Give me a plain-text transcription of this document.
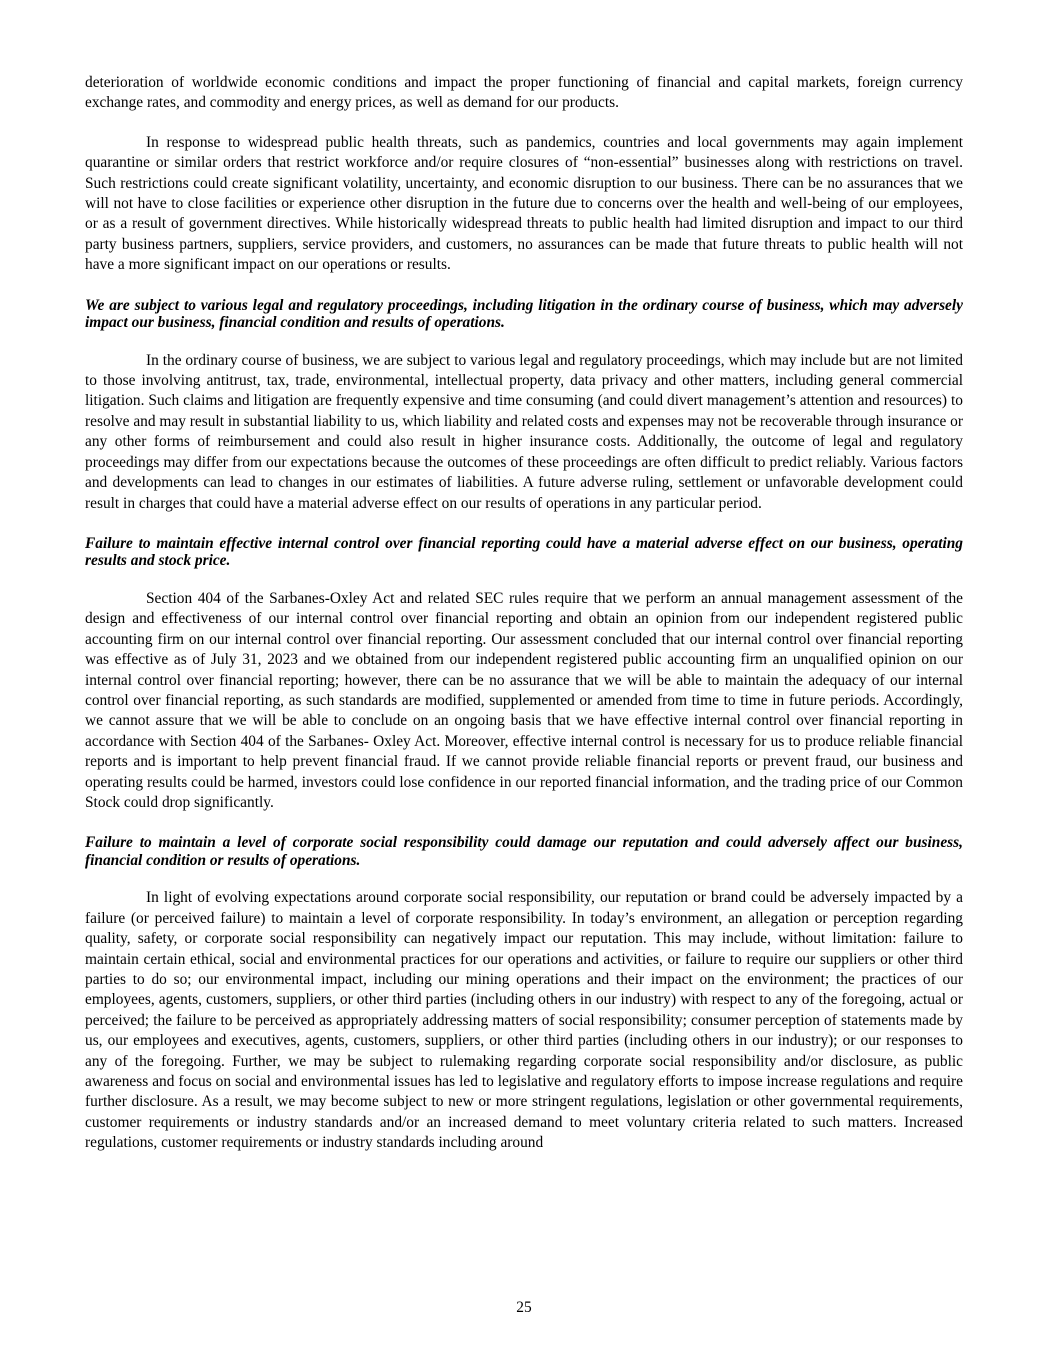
deterioration of worldwide economic conditions and impact the proper functioning of financial and capital markets, foreign currency exchange rates, and commodity and energy prices, as well as demand for our products.

In response to widespread public health threats, such as pandemics, countries and local governments may again implement quarantine or similar orders that restrict workforce and/or require closures of “non-essential” businesses along with restrictions on travel. Such restrictions could create significant volatility, uncertainty, and economic disruption to our business. There can be no assurances that we will not have to close facilities or experience other disruption in the future due to concerns over the health and well-being of our employees, or as a result of government directives. While historically widespread threats to public health had limited disruption and impact to our third party business partners, suppliers, service providers, and customers, no assurances can be made that future threats to public health will not have a more significant impact on our operations or results.

We are subject to various legal and regulatory proceedings, including litigation in the ordinary course of business, which may adversely impact our business, financial condition and results of operations.

In the ordinary course of business, we are subject to various legal and regulatory proceedings, which may include but are not limited to those involving antitrust, tax, trade, environmental, intellectual property, data privacy and other matters, including general commercial litigation. Such claims and litigation are frequently expensive and time consuming (and could divert management’s attention and resources) to resolve and may result in substantial liability to us, which liability and related costs and expenses may not be recoverable through insurance or any other forms of reimbursement and could also result in higher insurance costs. Additionally, the outcome of legal and regulatory proceedings may differ from our expectations because the outcomes of these proceedings are often difficult to predict reliably. Various factors and developments can lead to changes in our estimates of liabilities. A future adverse ruling, settlement or unfavorable development could result in charges that could have a material adverse effect on our results of operations in any particular period.

Failure to maintain effective internal control over financial reporting could have a material adverse effect on our business, operating results and stock price.

Section 404 of the Sarbanes-Oxley Act and related SEC rules require that we perform an annual management assessment of the design and effectiveness of our internal control over financial reporting and obtain an opinion from our independent registered public accounting firm on our internal control over financial reporting. Our assessment concluded that our internal control over financial reporting was effective as of July 31, 2023 and we obtained from our independent registered public accounting firm an unqualified opinion on our internal control over financial reporting; however, there can be no assurance that we will be able to maintain the adequacy of our internal control over financial reporting, as such standards are modified, supplemented or amended from time to time in future periods. Accordingly, we cannot assure that we will be able to conclude on an ongoing basis that we have effective internal control over financial reporting in accordance with Section 404 of the Sarbanes- Oxley Act. Moreover, effective internal control is necessary for us to produce reliable financial reports and is important to help prevent financial fraud. If we cannot provide reliable financial reports or prevent fraud, our business and operating results could be harmed, investors could lose confidence in our reported financial information, and the trading price of our Common Stock could drop significantly.

Failure to maintain a level of corporate social responsibility could damage our reputation and could adversely affect our business, financial condition or results of operations.

In light of evolving expectations around corporate social responsibility, our reputation or brand could be adversely impacted by a failure (or perceived failure) to maintain a level of corporate responsibility. In today’s environment, an allegation or perception regarding quality, safety, or corporate social responsibility can negatively impact our reputation. This may include, without limitation: failure to maintain certain ethical, social and environmental practices for our operations and activities, or failure to require our suppliers or other third parties to do so; our environmental impact, including our mining operations and their impact on the environment; the practices of our employees, agents, customers, suppliers, or other third parties (including others in our industry) with respect to any of the foregoing, actual or perceived; the failure to be perceived as appropriately addressing matters of social responsibility; consumer perception of statements made by us, our employees and executives, agents, customers, suppliers, or other third parties (including others in our industry); or our responses to any of the foregoing. Further, we may be subject to rulemaking regarding corporate social responsibility and/or disclosure, as public awareness and focus on social and environmental issues has led to legislative and regulatory efforts to impose increase regulations and require further disclosure. As a result, we may become subject to new or more stringent regulations, legislation or other governmental requirements, customer requirements or industry standards and/or an increased demand to meet voluntary criteria related to such matters. Increased regulations, customer requirements or industry standards including around

25
